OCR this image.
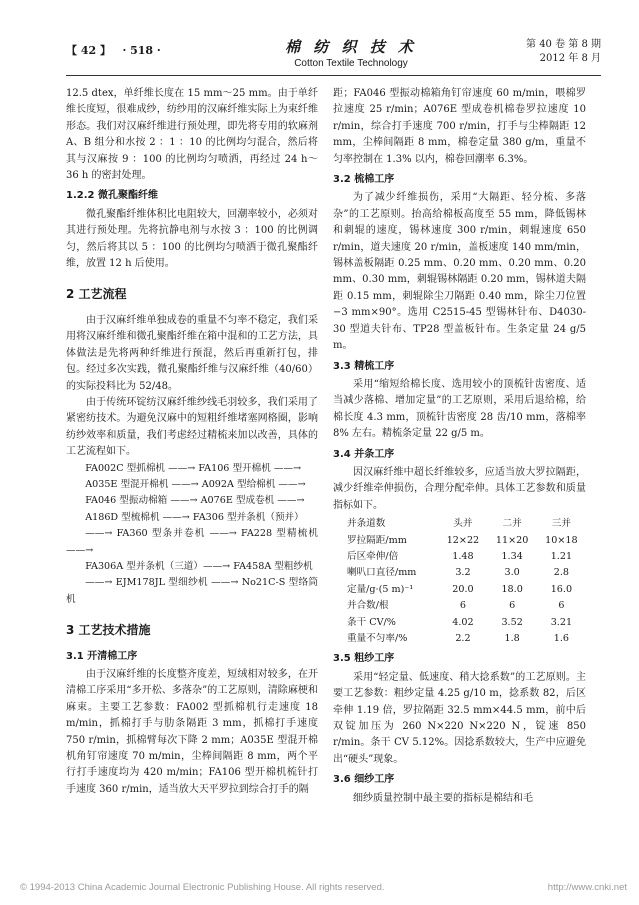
【 42 】 · 518 ·	棉 纺 织 技 术
Cotton Textile Technology
第 40 卷 第 8 期
2012 年 8 月

12.5 dtex，单纤维长度在 15 mm～25 mm。由于单纤维长度短，很难成纱，纺纱用的汉麻纤维实际上为束纤维形态。我们对汉麻纤维进行预处理，即先将专用的软麻剂 A、B 组分和水按 2 ：1 ：10 的比例均匀混合，然后将其与汉麻按 9 ：100 的比例均匀喷洒，再经过 24 h～36 h 的密封处理。

1.2.2 微孔聚酯纤维

微孔聚酯纤维体积比电阻较大，回潮率较小，必须对其进行预处理。先将抗静电剂与水按 3 ：100 的比例调匀，然后将其以 5 ：100 的比例均匀喷洒于微孔聚酯纤维，放置 12 h 后使用。

2 工艺流程

由于汉麻纤维单独成卷的重量不匀率不稳定，我们采用将汉麻纤维和微孔聚酯纤维在箱中混和的工艺方法，具体做法是先将两种纤维进行预混，然后再重新打包，排包。经过多次实践，微孔聚酯纤维与汉麻纤维（40/60）的实际投料比为 52/48。

由于传统环锭纺汉麻纤维纱线毛羽较多，我们采用了紧密纺技术。为避免汉麻中的短粗纤维堵塞网格圈，影响纺纱效率和质量，我们考虑经过精梳来加以改善，具体的工艺流程如下。

FA002C 型抓棉机 ——→ FA106 型开棉机 ——→

A035E 型混开棉机 ——→ A092A 型给棉机 ——→

FA046 型振动棉箱 ——→ A076E 型成卷机 ——→

A186D 型梳棉机 ——→ FA306 型并条机（预并）

——→ FA360 型条并卷机 ——→ FA228 型精梳机 ——→

FA306A 型并条机（三道）——→ FA458A 型粗纱机

——→ EJM178JL 型细纱机 ——→ No21C-S 型络筒机

3 工艺技术措施
3.1 开清棉工序

由于汉麻纤维的长度整齐度差，短绒相对较多，在开清棉工序采用“多开松、多落杂”的工艺原则，清除麻梗和麻束。主要工艺参数：FA002 型抓棉机行走速度 18 m/min，抓棉打手与肋条隔距 3 mm，抓棉打手速度 750 r/min，抓棉臂每次下降 2 mm；A035E 型混开棉机角钉帘速度 70 m/min，尘棒间隔距 8 mm，两个平行打手速度均为 420 m/min；FA106 型开棉机梳针打手速度 360 r/min，适当放大天平罗拉到综合打手的隔

距；FA046 型振动棉箱角钉帘速度 60 m/min，喂棉罗拉速度 25 r/min；A076E 型成卷机棉卷罗拉速度 10 r/min，综合打手速度 700 r/min，打手与尘棒隔距 12 mm，尘棒间隔距 8 mm，棉卷定量 380 g/m，重量不匀率控制在 1.3% 以内，棉卷回潮率 6.3%。

3.2 梳棉工序

为了减少纤维损伤，采用“大隔距、轻分梳、多落杂”的工艺原则。抬高给棉板高度至 55 mm，降低锡林和刺辊的速度，锡林速度 300 r/min，刺辊速度 650 r/min，道夫速度 20 r/min，盖板速度 140 mm/min，锡林盖板隔距 0.25 mm、0.20 mm、0.20 mm、0.20 mm、0.30 mm，刺辊锡林隔距 0.20 mm，锡林道夫隔距 0.15 mm，刺辊除尘刀隔距 0.40 mm，除尘刀位置 −3 mm×90°。选用 C2515-45 型锡林针布、D4030-30 型道夫针布、TP28 型盖板针布。生条定量 24 g/5 m。

3.3 精梳工序

采用“缩短给棉长度、选用较小的顶梳针齿密度、适当减少落棉、增加定量”的工艺原则，采用后退给棉，给棉长度 4.3 mm，顶梳针齿密度 28 齿/10 mm，落棉率 8% 左右。精梳条定量 22 g/5 m。

3.4 并条工序

因汉麻纤维中超长纤维较多，应适当放大罗拉隔距，减少纤维牵伸损伤，合理分配牵伸。具体工艺参数和质量指标如下。

并条道数	头并	二并	三并
罗拉隔距/mm	12×22	11×20	10×18
后区牵伸/倍	1.48	1.34	1.21
喇叭口直径/mm	3.2	3.0	2.8
定量/g·(5 m)⁻¹	20.0	18.0	16.0
并合数/根	6	6	6
条干 CV/%	4.02	3.52	3.21
重量不匀率/%	2.2	1.8	1.6
3.5 粗纱工序

采用“轻定量、低速度、稍大捻系数”的工艺原则。主要工艺参数：粗纱定量 4.25 g/10 m，捻系数 82，后区牵伸 1.19 倍，罗拉隔距 32.5 mm×44.5 mm，前中后双锭加压为 260 N×220 N×220 N，锭速 850 r/min。条干 CV 5.12%。因捻系数较大，生产中应避免出“硬头”现象。

3.6 细纱工序

细纱质量控制中最主要的指标是棉结和毛

© 1994-2013 China Academic Journal Electronic Publishing House. All rights reserved.	http://www.cnki.net
